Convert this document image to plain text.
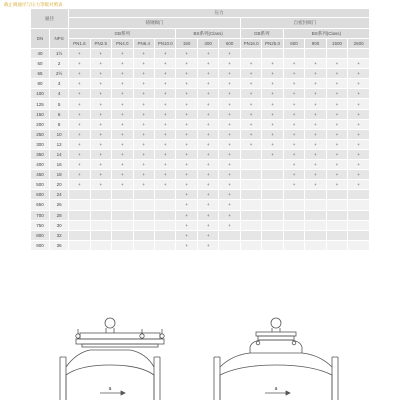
截止阀通径与压力等级对照表
通径		压力													
		铸钢阀门								自密封阀门					
DN	NPS	GB系列					BS系列(Class)			GB系列		BS系列(Class)			
		PN1.6	PN2.5	PN4.0	PN6.4	PN10.0	150	300	600	PN16.0	PN25.0	600	900	1500	2500
40	1½	+	+	+	+	+	+	+	+						
50	2	+	+	+	+	+	+	+	+	+	+	+	+	+	+
65	2½	+	+	+	+	+	+	+	+	+	+	+	+	+	+
80	3	+	+	+	+	+	+	+	+	+	+	+	+	+	+
100	4	+	+	+	+	+	+	+	+	+	+	+	+	+	+
125	5	+	+	+	+	+	+	+	+	+	+	+	+	+	+
150	6	+	+	+	+	+	+	+	+	+	+	+	+	+	+
200	8	+	+	+	+	+	+	+	+	+	+	+	+	+	+
250	10	+	+	+	+	+	+	+	+	+	+	+	+	+	+
300	12	+	+	+	+	+	+	+	+	+	+	+	+	+	+
350	14	+	+	+	+	+	+	+	+		+	+	+	+	+
400	16	+	+	+	+	+	+	+	+			+	+	+	+
450	18	+	+	+	+	+	+	+	+			+	+	+	+
500	20	+	+	+	+	+	+	+	+			+	+	+	+
600	24						+	+	+						
650	26						+	+	+						
700	28						+	+	+						
750	30						+	+	+						
800	32						+	+							
900	36						+	+							
a	a
